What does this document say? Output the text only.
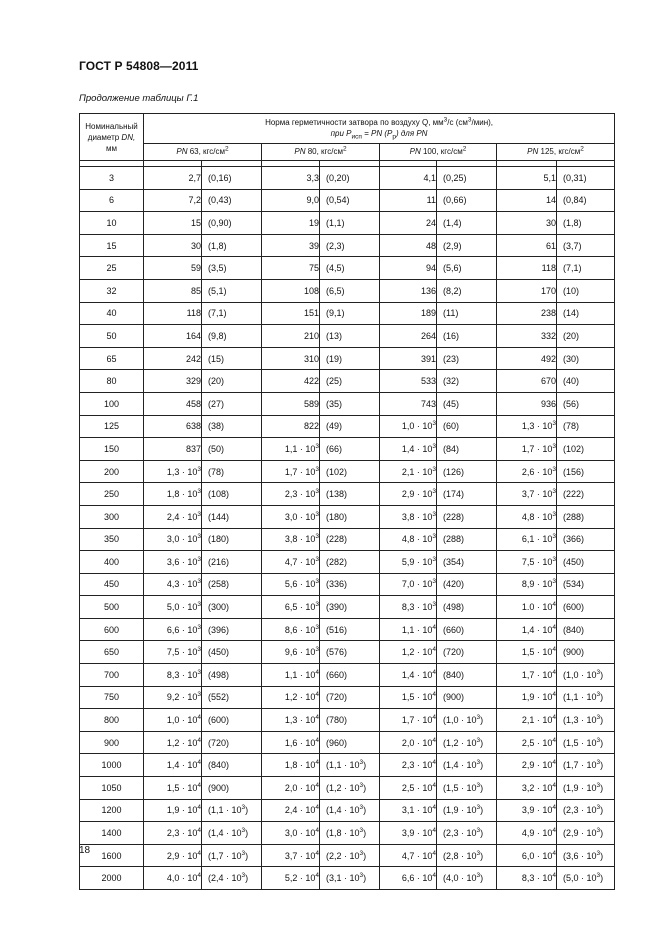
ГОСТ Р 54808—2011
Продолжение таблицы Г.1
Номинальный
диаметр DN,
мм	Норма герметичности затвора по воздуху Q, $мм^3/с$ $(см^3/мин)$,
при $P_{исп}$ = PN $(P_р)$ для PN							

	PN 63, кгс/$см^2$		PN 80, кгс/$см^2$		PN 100, кгс/$см^2$		PN 125, кгс/$см^2$

3	2,7	(0,16)	3,3	(0,20)	4,1	(0,25)	5,1	(0,31)
6	7,2	(0,43)	9,0	(0,54)	11	(0,66)	14	(0,84)
10	15	(0,90)	19	(1,1)	24	(1,4)	30	(1,8)
15	30	(1,8)	39	(2,3)	48	(2,9)	61	(3,7)
25	59	(3,5)	75	(4,5)	94	(5,6)	118	(7,1)
32	85	(5,1)	108	(6,5)	136	(8,2)	170	(10)
40	118	(7,1)	151	(9,1)	189	(11)	238	(14)
50	164	(9,8)	210	(13)	264	(16)	332	(20)
65	242	(15)	310	(19)	391	(23)	492	(30)
80	329	(20)	422	(25)	533	(32)	670	(40)
100	458	(27)	589	(35)	743	(45)	936	(56)
125	638	(38)	822	(49)	$1,0 \cdot 10^3$	(60)	$1,3 \cdot 10^3$	(78)
150	837	(50)	$1,1 \cdot 10^3$	(66)	$1,4 \cdot 10^3$	(84)	$1,7 \cdot 10^3$	(102)
200	$1,3 \cdot 10^3$	(78)	$1,7 \cdot 10^3$	(102)	$2,1 \cdot 10^3$	(126)	$2,6 \cdot 10^3$	(156)
250	$1,8 \cdot 10^3$	(108)	$2,3 \cdot 10^3$	(138)	$2,9 \cdot 10^3$	(174)	$3,7 \cdot 10^3$	(222)
300	$2,4 \cdot 10^3$	(144)	$3,0 \cdot 10^3$	(180)	$3,8 \cdot 10^3$	(228)	$4,8 \cdot 10^3$	(288)
350	$3,0 \cdot 10^3$	(180)	$3,8 \cdot 10^3$	(228)	$4,8 \cdot 10^3$	(288)	$6,1 \cdot 10^3$	(366)
400	$3,6 \cdot 10^3$	(216)	$4,7 \cdot 10^3$	(282)	$5,9 \cdot 10^3$	(354)	$7,5 \cdot 10^3$	(450)
450	$4,3 \cdot 10^3$	(258)	$5,6 \cdot 10^3$	(336)	$7,0 \cdot 10^3$	(420)	$8,9 \cdot 10^3$	(534)
500	$5,0 \cdot 10^3$	(300)	$6,5 \cdot 10^3$	(390)	$8,3 \cdot 10^3$	(498)	$1.0 \cdot 10^4$	(600)
600	$6,6 \cdot 10^3$	(396)	$8,6 \cdot 10^3$	(516)	$1,1 \cdot 10^4$	(660)	$1,4 \cdot 10^4$	(840)
650	$7,5 \cdot 10^3$	(450)	$9,6 \cdot 10^3$	(576)	$1,2 \cdot 10^4$	(720)	$1,5 \cdot 10^4$	(900)
700	$8,3 \cdot 10^3$	(498)	$1,1 \cdot 10^4$	(660)	$1,4 \cdot 10^4$	(840)	$1,7 \cdot 10^4$	$(1,0 \cdot 10^3)$
750	$9,2 \cdot 10^3$	(552)	$1,2 \cdot 10^4$	(720)	$1,5 \cdot 10^4$	(900)	$1,9 \cdot 10^4$	$(1,1 \cdot 10^3)$
800	$1,0 \cdot 10^4$	(600)	$1,3 \cdot 10^4$	(780)	$1,7 \cdot 10^4$	$(1,0 \cdot 10^3)$	$2,1 \cdot 10^4$	$(1,3 \cdot 10^3)$
900	$1,2 \cdot 10^4$	(720)	$1,6 \cdot 10^4$	(960)	$2,0 \cdot 10^4$	$(1,2 \cdot 10^3)$	$2,5 \cdot 10^4$	$(1,5 \cdot 10^3)$
1000	$1,4 \cdot 10^4$	(840)	$1,8 \cdot 10^4$	$(1,1 \cdot 10^3)$	$2,3 \cdot 10^4$	$(1,4 \cdot 10^3)$	$2,9 \cdot 10^4$	$(1,7 \cdot 10^3)$
1050	$1,5 \cdot 10^4$	(900)	$2,0 \cdot 10^4$	$(1,2 \cdot 10^3)$	$2,5 \cdot 10^4$	$(1,5 \cdot 10^3)$	$3,2 \cdot 10^4$	$(1,9 \cdot 10^3)$
1200	$1,9 \cdot 10^4$	$(1,1 \cdot 10^3)$	$2,4 \cdot 10^4$	$(1,4 \cdot 10^3)$	$3,1 \cdot 10^4$	$(1,9 \cdot 10^3)$	$3,9 \cdot 10^4$	$(2,3 \cdot 10^3)$
1400	$2,3 \cdot 10^4$	$(1,4 \cdot 10^3)$	$3,0 \cdot 10^4$	$(1,8 \cdot 10^3)$	$3,9 \cdot 10^4$	$(2,3 \cdot 10^3)$	$4,9 \cdot 10^4$	$(2,9 \cdot 10^3)$
1600	$2,9 \cdot 10^4$	$(1,7 \cdot 10^3)$	$3,7 \cdot 10^4$	$(2,2 \cdot 10^3)$	$4,7 \cdot 10^4$	$(2,8 \cdot 10^3)$	$6,0 \cdot 10^4$	$(3,6 \cdot 10^3)$
2000	$4,0 \cdot 10^4$	$(2,4 \cdot 10^3)$	$5,2 \cdot 10^4$	$(3,1 \cdot 10^3)$	$6,6 \cdot 10^4$	$(4,0 \cdot 10^3)$	$8,3 \cdot 10^4$	$(5,0 \cdot 10^3)$
18
